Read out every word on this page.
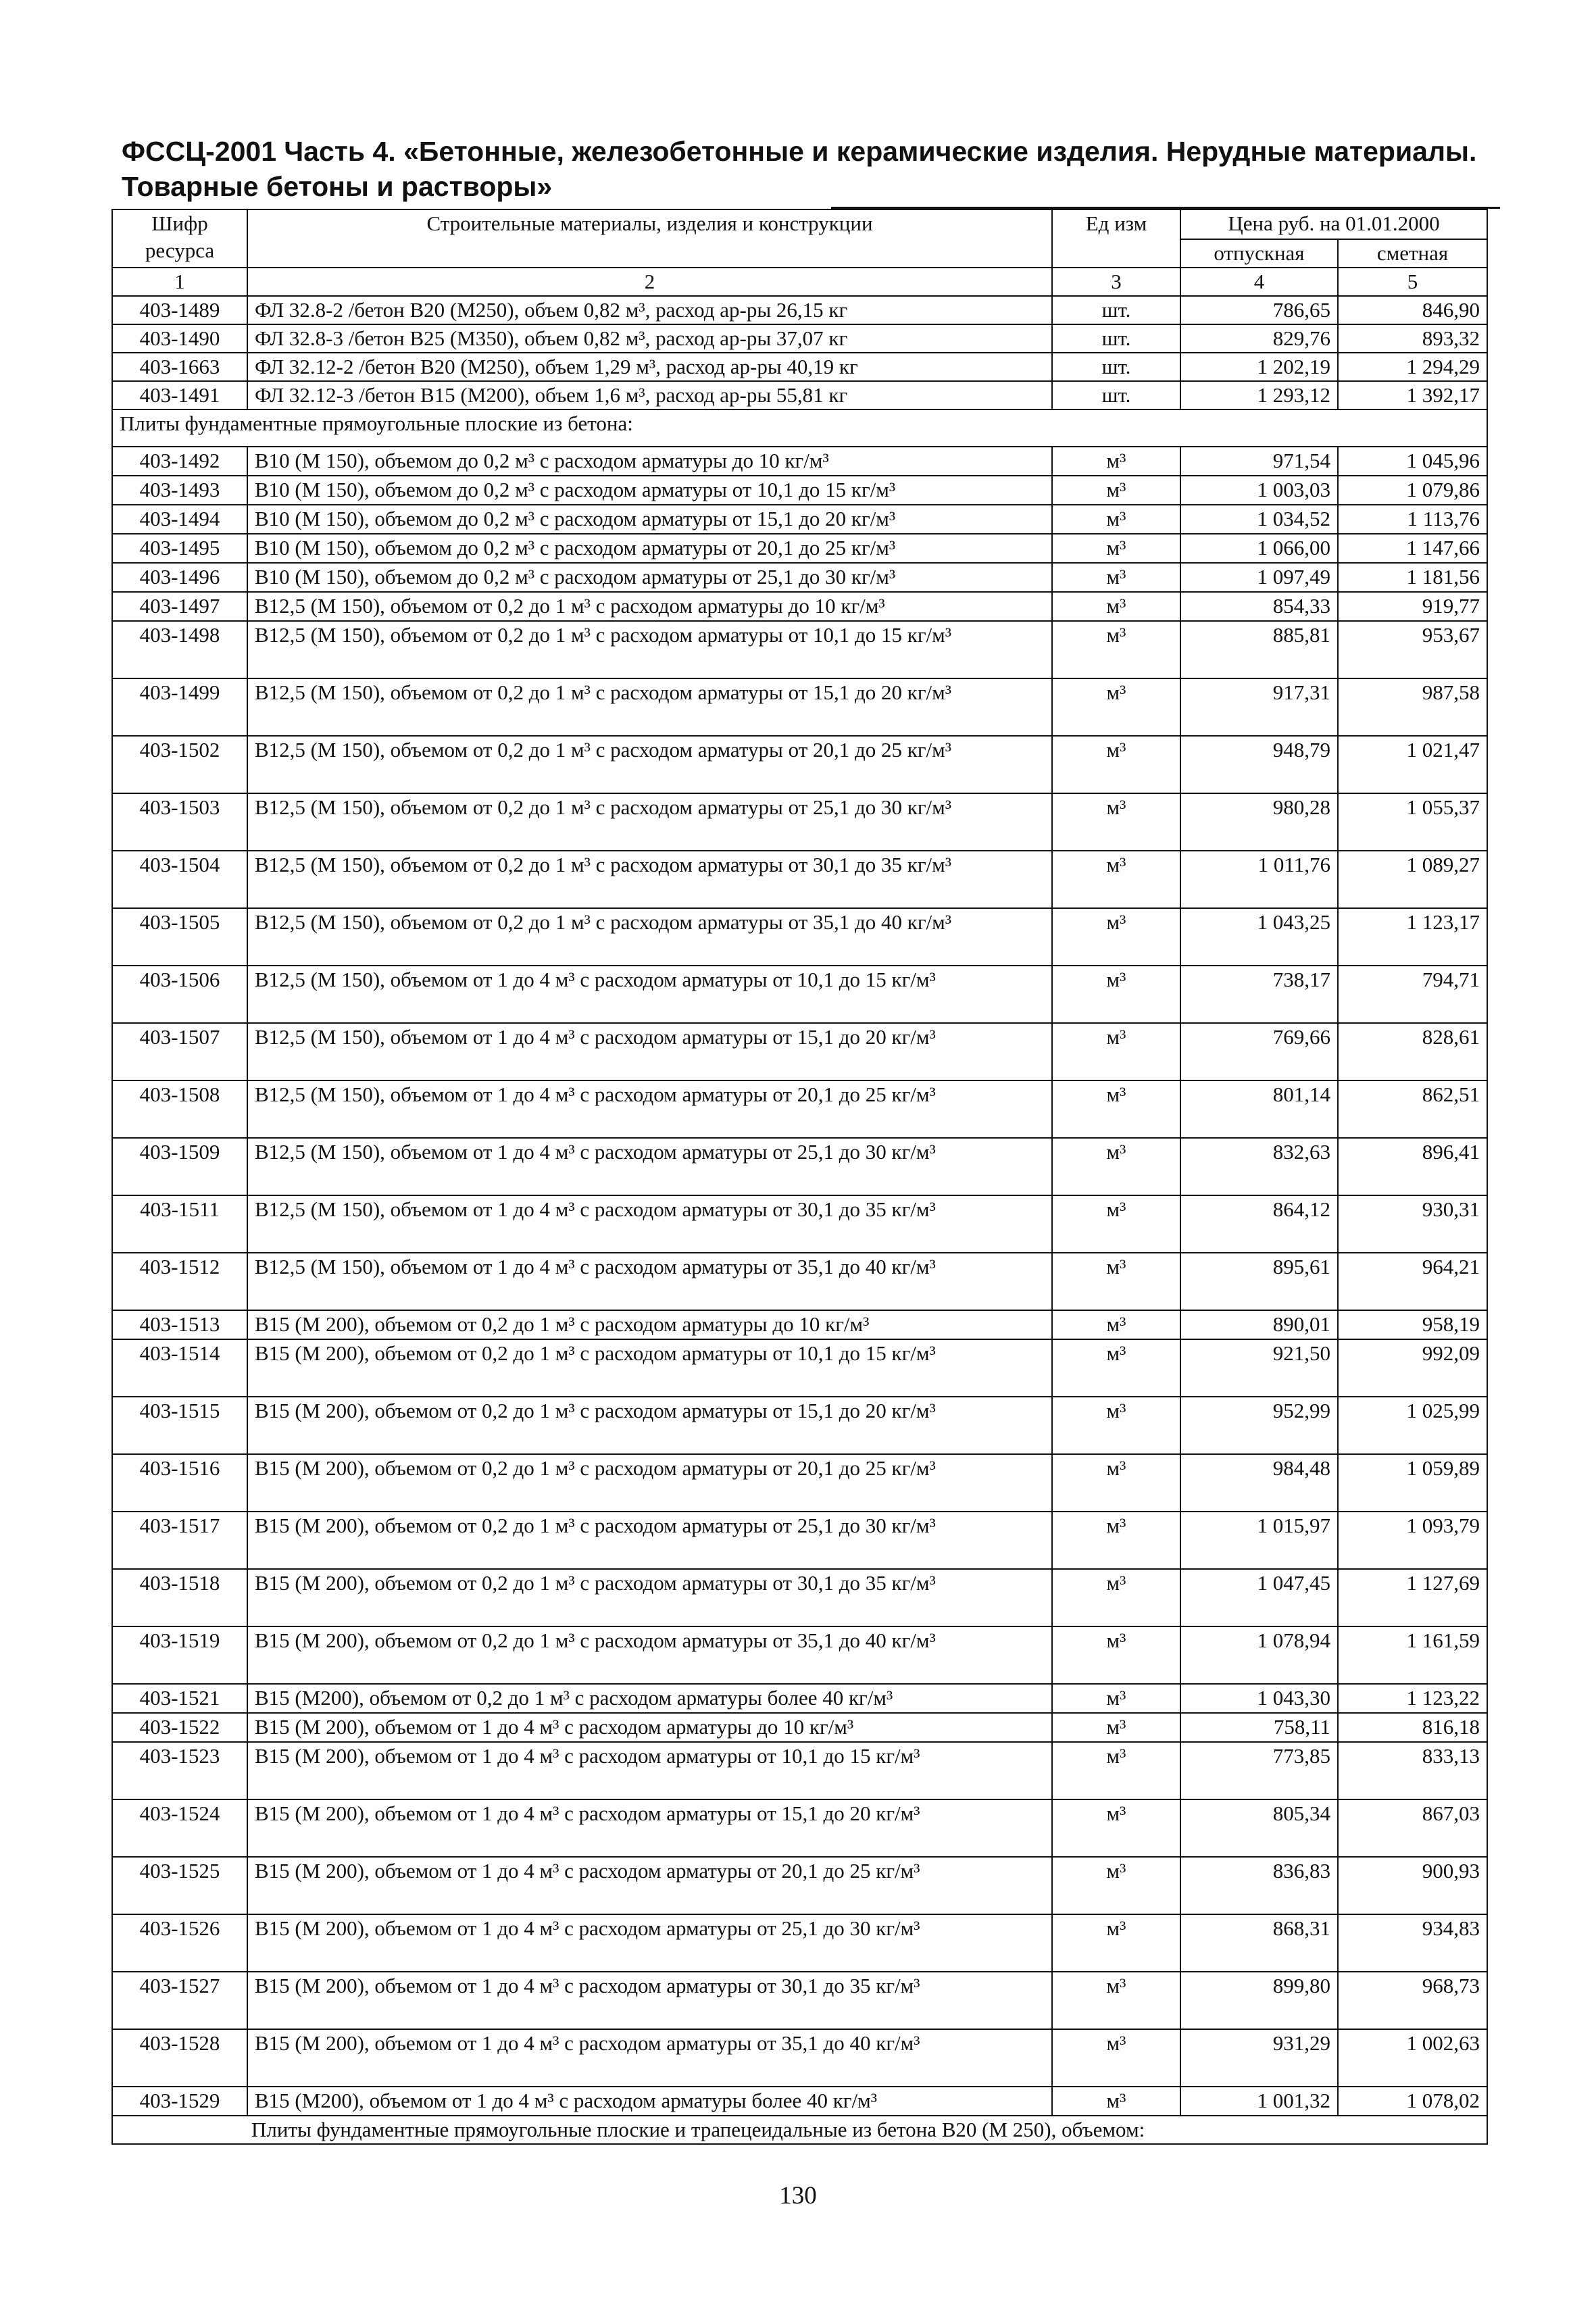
ФССЦ-2001 Часть 4. «Бетонные, железобетонные и керамические изделия. Нерудные материалы. Товарные бетоны и растворы»
Шифр ресурса	Строительные материалы, изделия и конструкции	Ед изм	Цена руб. на 01.01.2000	
			отпускная	сметная
1	2	3	4	5
403-1489	ФЛ 32.8-2 /бетон В20 (М250), объем 0,82 м³, расход ар-ры 26,15 кг	шт.	786,65	846,90
403-1490	ФЛ 32.8-3 /бетон В25 (М350), объем 0,82 м³, расход ар-ры 37,07 кг	шт.	829,76	893,32
403-1663	ФЛ 32.12-2 /бетон В20 (М250), объем 1,29 м³, расход ар-ры 40,19 кг	шт.	1 202,19	1 294,29
403-1491	ФЛ 32.12-3 /бетон В15 (М200), объем 1,6 м³, расход ар-ры 55,81 кг	шт.	1 293,12	1 392,17
Плиты фундаментные прямоугольные плоские из бетона:				
403-1492	В10 (М 150), объемом до 0,2 м³ с расходом арматуры до 10 кг/м³	м³	971,54	1 045,96
403-1493	В10 (М 150), объемом до 0,2 м³ с расходом арматуры от 10,1 до 15 кг/м³	м³	1 003,03	1 079,86
403-1494	В10 (М 150), объемом до 0,2 м³ с расходом арматуры от 15,1 до 20 кг/м³	м³	1 034,52	1 113,76
403-1495	В10 (М 150), объемом до 0,2 м³ с расходом арматуры от 20,1 до 25 кг/м³	м³	1 066,00	1 147,66
403-1496	В10 (М 150), объемом до 0,2 м³ с расходом арматуры от 25,1 до 30 кг/м³	м³	1 097,49	1 181,56
403-1497	В12,5 (М 150), объемом от 0,2 до 1 м³ с расходом арматуры до 10 кг/м³	м³	854,33	919,77
403-1498	В12,5 (М 150), объемом от 0,2 до 1 м³ с расходом арматуры от 10,1 до 15 кг/м³	м³	885,81	953,67
403-1499	В12,5 (М 150), объемом от 0,2 до 1 м³ с расходом арматуры от 15,1 до 20 кг/м³	м³	917,31	987,58
403-1502	В12,5 (М 150), объемом от 0,2 до 1 м³ с расходом арматуры от 20,1 до 25 кг/м³	м³	948,79	1 021,47
403-1503	В12,5 (М 150), объемом от 0,2 до 1 м³ с расходом арматуры от 25,1 до 30 кг/м³	м³	980,28	1 055,37
403-1504	В12,5 (М 150), объемом от 0,2 до 1 м³ с расходом арматуры от 30,1 до 35 кг/м³	м³	1 011,76	1 089,27
403-1505	В12,5 (М 150), объемом от 0,2 до 1 м³ с расходом арматуры от 35,1 до 40 кг/м³	м³	1 043,25	1 123,17
403-1506	В12,5 (М 150), объемом от 1 до 4 м³ с расходом арматуры от 10,1 до 15 кг/м³	м³	738,17	794,71
403-1507	В12,5 (М 150), объемом от 1 до 4 м³ с расходом арматуры от 15,1 до 20 кг/м³	м³	769,66	828,61
403-1508	В12,5 (М 150), объемом от 1 до 4 м³ с расходом арматуры от 20,1 до 25 кг/м³	м³	801,14	862,51
403-1509	В12,5 (М 150), объемом от 1 до 4 м³ с расходом арматуры от 25,1 до 30 кг/м³	м³	832,63	896,41
403-1511	В12,5 (М 150), объемом от 1 до 4 м³ с расходом арматуры от 30,1 до 35 кг/м³	м³	864,12	930,31
403-1512	В12,5 (М 150), объемом от 1 до 4 м³ с расходом арматуры от 35,1 до 40 кг/м³	м³	895,61	964,21
403-1513	В15 (М 200), объемом от 0,2 до 1 м³ с расходом арматуры до 10 кг/м³	м³	890,01	958,19
403-1514	В15 (М 200), объемом от 0,2 до 1 м³ с расходом арматуры от 10,1 до 15 кг/м³	м³	921,50	992,09
403-1515	В15 (М 200), объемом от 0,2 до 1 м³ с расходом арматуры от 15,1 до 20 кг/м³	м³	952,99	1 025,99
403-1516	В15 (М 200), объемом от 0,2 до 1 м³ с расходом арматуры от 20,1 до 25 кг/м³	м³	984,48	1 059,89
403-1517	В15 (М 200), объемом от 0,2 до 1 м³ с расходом арматуры от 25,1 до 30 кг/м³	м³	1 015,97	1 093,79
403-1518	В15 (М 200), объемом от 0,2 до 1 м³ с расходом арматуры от 30,1 до 35 кг/м³	м³	1 047,45	1 127,69
403-1519	В15 (М 200), объемом от 0,2 до 1 м³ с расходом арматуры от 35,1 до 40 кг/м³	м³	1 078,94	1 161,59
403-1521	В15 (М200), объемом от 0,2 до 1 м³ с расходом арматуры более 40 кг/м³	м³	1 043,30	1 123,22
403-1522	В15 (М 200), объемом от 1 до 4 м³ с расходом арматуры до 10 кг/м³	м³	758,11	816,18
403-1523	В15 (М 200), объемом от 1 до 4 м³ с расходом арматуры от 10,1 до 15 кг/м³	м³	773,85	833,13
403-1524	В15 (М 200), объемом от 1 до 4 м³ с расходом арматуры от 15,1 до 20 кг/м³	м³	805,34	867,03
403-1525	В15 (М 200), объемом от 1 до 4 м³ с расходом арматуры от 20,1 до 25 кг/м³	м³	836,83	900,93
403-1526	В15 (М 200), объемом от 1 до 4 м³ с расходом арматуры от 25,1 до 30 кг/м³	м³	868,31	934,83
403-1527	В15 (М 200), объемом от 1 до 4 м³ с расходом арматуры от 30,1 до 35 кг/м³	м³	899,80	968,73
403-1528	В15 (М 200), объемом от 1 до 4 м³ с расходом арматуры от 35,1 до 40 кг/м³	м³	931,29	1 002,63
403-1529	В15 (М200), объемом от 1 до 4 м³ с расходом арматуры более 40 кг/м³	м³	1 001,32	1 078,02
Плиты фундаментные прямоугольные плоские и трапецеидальные из бетона В20 (М 250), объемом:				
130
